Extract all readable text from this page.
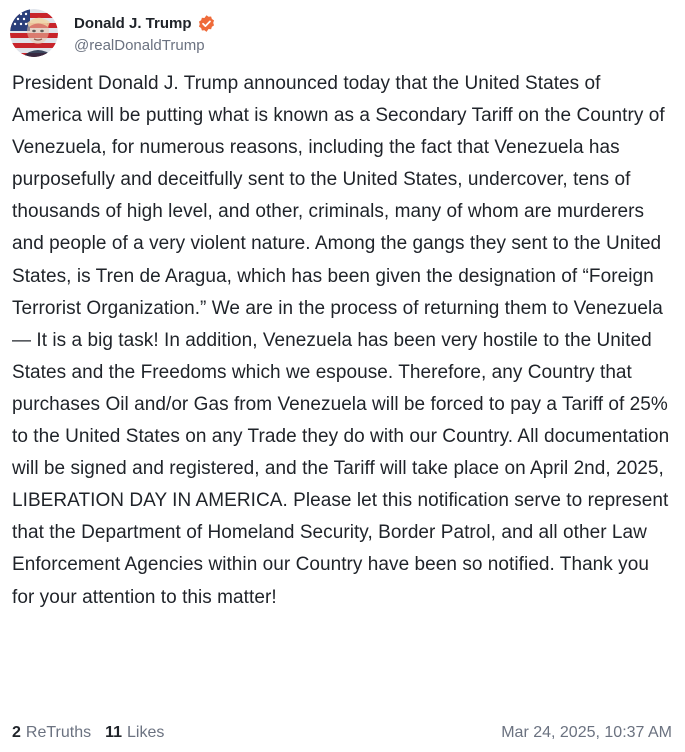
Donald J. Trump
@realDonaldTrump
President Donald J. Trump announced today that the United States of America will be putting what is known as a Secondary Tariff on the Country of Venezuela, for numerous reasons, including the fact that Venezuela has purposefully and deceitfully sent to the United States, undercover, tens of thousands of high level, and other, criminals, many of whom are murderers and people of a very violent nature. Among the gangs they sent to the United States, is Tren de Aragua, which has been given the designation of “Foreign Terrorist Organization.” We are in the process of returning them to Venezuela — It is a big task! In addition, Venezuela has been very hostile to the United States and the Freedoms which we espouse. Therefore, any Country that purchases Oil and/or Gas from Venezuela will be forced to pay a Tariff of 25% to the United States on any Trade they do with our Country. All documentation will be signed and registered, and the Tariff will take place on April 2nd, 2025, LIBERATION DAY IN AMERICA. Please let this notification serve to represent that the Department of Homeland Security, Border Patrol, and all other Law Enforcement Agencies within our Country have been so notified. Thank you for your attention to this matter!
2 ReTruths 11 Likes	Mar 24, 2025, 10:37 AM
